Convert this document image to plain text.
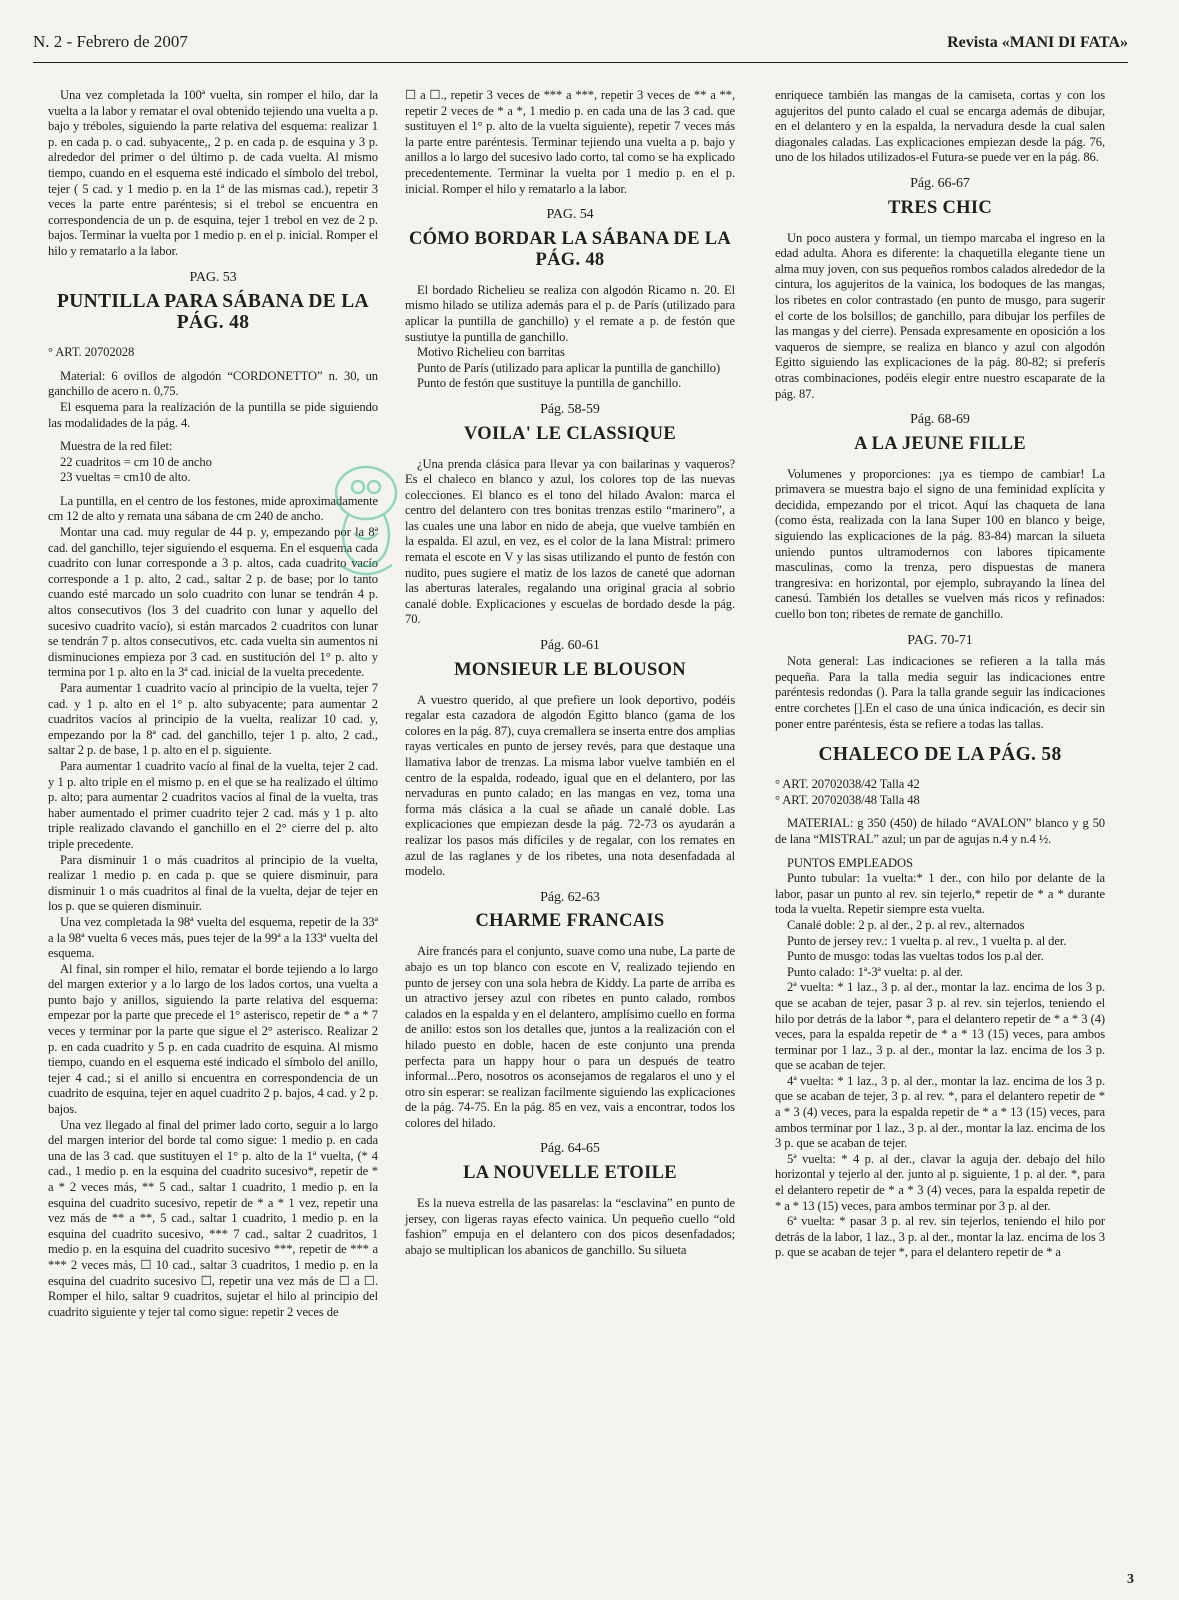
N. 2 - Febrero de 2007	Revista «MANI DI FATA»

Una vez completada la 100ª vuelta, sin romper el hilo, dar la vuelta a la labor y rematar el oval obtenido tejiendo una vuelta a p. bajo y tréboles, siguiendo la parte relativa del esquema: realizar 1 p. en cada p. o cad. subyacente,, 2 p. en cada p. de esquina y 3 p. alrededor del primer o del último p. de cada vuelta. Al mismo tiempo, cuando en el esquema esté indicado el símbolo del trebol, tejer ( 5 cad. y 1 medio p. en la 1ª de las mismas cad.), repetir 3 veces la parte entre paréntesis; si el trebol se encuentra en correspondencia de un p. de esquina, tejer 1 trebol en vez de 2 p. bajos. Terminar la vuelta por 1 medio p. en el p. inicial. Romper el hilo y rematarlo a la labor.

PAG. 53
PUNTILLA PARA SÁBANA DE LA PÁG. 48

° ART. 20702028

Material: 6 ovillos de algodón “CORDONETTO” n. 30, un ganchillo de acero n. 0,75.

El esquema para la realización de la puntilla se pide siguiendo las modalidades de la pág. 4.

Muestra de la red filet:

22 cuadritos = cm 10 de ancho

23 vueltas = cm10 de alto.

La puntilla, en el centro de los festones, mide aproximadamente cm 12 de alto y remata una sábana de cm 240 de ancho.

Montar una cad. muy regular de 44 p. y, empezando por la 8ª cad. del ganchillo, tejer siguiendo el esquema. En el esquema cada cuadrito con lunar corresponde a 3 p. altos, cada cuadrito vacío corresponde a 1 p. alto, 2 cad., saltar 2 p. de base; por lo tanto cuando esté marcado un solo cuadrito con lunar se tendrán 4 p. altos consecutivos (los 3 del cuadrito con lunar y aquello del sucesivo cuadrito vacío), si están marcados 2 cuadritos con lunar se tendrán 7 p. altos consecutivos, etc. cada vuelta sin aumentos ni disminuciones empieza por 3 cad. en sustitución del 1° p. alto y termina por 1 p. alto en la 3ª cad. inicial de la vuelta precedente.

Para aumentar 1 cuadrito vacío al principio de la vuelta, tejer 7 cad. y 1 p. alto en el 1° p. alto subyacente; para aumentar 2 cuadritos vacíos al principio de la vuelta, realizar 10 cad. y, empezando por la 8ª cad. del ganchillo, tejer 1 p. alto, 2 cad., saltar 2 p. de base, 1 p. alto en el p. siguiente.

Para aumentar 1 cuadrito vacío al final de la vuelta, tejer 2 cad. y 1 p. alto triple en el mismo p. en el que se ha realizado el último p. alto; para aumentar 2 cuadritos vacíos al final de la vuelta, tras haber aumentado el primer cuadrito tejer 2 cad. más y 1 p. alto triple realizado clavando el ganchillo en el 2° cierre del p. alto triple precedente.

Para disminuir 1 o más cuadritos al principio de la vuelta, realizar 1 medio p. en cada p. que se quiere disminuir, para disminuir 1 o más cuadritos al final de la vuelta, dejar de tejer en los p. que se quieren disminuir.

Una vez completada la 98ª vuelta del esquema, repetir de la 33ª a la 98ª vuelta 6 veces más, pues tejer de la 99ª a la 133ª vuelta del esquema.

Al final, sin romper el hilo, rematar el borde tejiendo a lo largo del margen exterior y a lo largo de los lados cortos, una vuelta a punto bajo y anillos, siguiendo la parte relativa del esquema: empezar por la parte que precede el 1° asterisco, repetir de * a * 7 veces y terminar por la parte que sigue el 2° asterisco. Realizar 2 p. en cada cuadrito y 5 p. en cada cuadrito de esquina. Al mismo tiempo, cuando en el esquema esté indicado el símbolo del anillo, tejer 4 cad.; si el anillo si encuentra en correspondencia de un cuadrito de esquina, tejer en aquel cuadrito 2 p. bajos, 4 cad. y 2 p. bajos.

Una vez llegado al final del primer lado corto, seguir a lo largo del margen interior del borde tal como sigue: 1 medio p. en cada una de las 3 cad. que sustituyen el 1° p. alto de la 1ª vuelta, (* 4 cad., 1 medio p. en la esquina del cuadrito sucesivo*, repetir de * a * 2 veces más, ** 5 cad., saltar 1 cuadrito, 1 medio p. en la esquina del cuadrito sucesivo, repetir de * a * 1 vez, repetir una vez más de ** a **, 5 cad., saltar 1 cuadrito, 1 medio p. en la esquina del cuadrito sucesivo, *** 7 cad., saltar 2 cuadritos, 1 medio p. en la esquina del cuadrito sucesivo ***, repetir de *** a *** 2 veces más, ☐ 10 cad., saltar 3 cuadritos, 1 medio p. en la esquina del cuadrito sucesivo ☐, repetir una vez más de ☐ a ☐. Romper el hilo, saltar 9 cuadritos, sujetar el hilo al principio del cuadrito siguiente y tejer tal como sigue: repetir 2 veces de

☐ a ☐., repetir 3 veces de *** a ***, repetir 3 veces de ** a **, repetir 2 veces de * a *, 1 medio p. en cada una de las 3 cad. que sustituyen el 1° p. alto de la vuelta siguiente), repetir 7 veces más la parte entre paréntesis. Terminar tejiendo una vuelta a p. bajo y anillos a lo largo del sucesivo lado corto, tal como se ha explicado precedentemente. Terminar la vuelta por 1 medio p. en el p. inicial. Romper el hilo y rematarlo a la labor.

PAG. 54
CÓMO BORDAR LA SÁBANA DE LA PÁG. 48

El bordado Richelieu se realiza con algodón Ricamo n. 20. El mismo hilado se utiliza además para el p. de París (utilizado para aplicar la puntilla de ganchillo) y el remate a p. de festón que sustiutye la puntilla de ganchillo.

Motivo Richelieu con barritas

Punto de París (utilizado para aplicar la puntilla de ganchillo)

Punto de festón que sustituye la puntilla de ganchillo.

Pág. 58-59
VOILA' LE CLASSIQUE

¿Una prenda clásica para llevar ya con bailarinas y vaqueros? Es el chaleco en blanco y azul, los colores top de las nuevas colecciones. El blanco es el tono del hilado Avalon: marca el centro del delantero con tres bonitas trenzas estilo “marinero”, a las cuales une una labor en nido de abeja, que vuelve también en la espalda. El azul, en vez, es el color de la lana Mistral: primero remata el escote en V y las sisas utilizando el punto de festón con nudito, pues sugiere el matiz de los lazos de caneté que adornan las aberturas laterales, regalando una original gracia al sobrio canalé doble. Explicaciones y escuelas de bordado desde la pág. 70.

Pág. 60-61
MONSIEUR LE BLOUSON

A vuestro querido, al que prefiere un look deportivo, podéis regalar esta cazadora de algodón Egitto blanco (gama de los colores en la pág. 87), cuya cremallera se inserta entre dos amplias rayas verticales en punto de jersey revés, para que destaque una llamativa labor de trenzas. La misma labor vuelve también en el centro de la espalda, rodeado, igual que en el delantero, por las nervaduras en punto calado; en las mangas en vez, toma una forma más clásica a la cual se añade un canalé doble. Las explicaciones que empiezan desde la pág. 72-73 os ayudarán a realizar los pasos más difíciles y de regalar, con los remates en azul de las raglanes y de los ribetes, una nota desenfadada al modelo.

Pág. 62-63
CHARME FRANCAIS

Aire francés para el conjunto, suave como una nube, La parte de abajo es un top blanco con escote en V, realizado tejiendo en punto de jersey con una sola hebra de Kiddy. La parte de arriba es un atractivo jersey azul con ribetes en punto calado, rombos calados en la espalda y en el delantero, amplísimo cuello en forma de anillo: estos son los detalles que, juntos a la realización con el hilado puesto en doble, hacen de este conjunto una prenda perfecta para un happy hour o para un después de teatro informal...Pero, nosotros os aconsejamos de regalaros el uno y el otro sin esperar: se realizan facilmente siguiendo las explicaciones de la pág. 74-75. En la pág. 85 en vez, vais a encontrar, todos los colores del hilado.

Pág. 64-65
LA NOUVELLE ETOILE

Es la nueva estrella de las pasarelas: la “esclavina” en punto de jersey, con ligeras rayas efecto vainica. Un pequeño cuello “old fashion” empuja en el delantero con dos picos desenfadados; abajo se multiplican los abanicos de ganchillo. Su silueta

enriquece también las mangas de la camiseta, cortas y con los agujeritos del punto calado el cual se encarga además de dibujar, en el delantero y en la espalda, la nervadura desde la cual salen diagonales caladas. Las explicaciones empiezan desde la pág. 76, uno de los hilados utilizados-el Futura-se puede ver en la pág. 86.

Pág. 66-67
TRES CHIC

Un poco austera y formal, un tiempo marcaba el ingreso en la edad adulta. Ahora es diferente: la chaquetilla elegante tiene un alma muy joven, con sus pequeños rombos calados alrededor de la cintura, los agujeritos de la vainica, los bodoques de las mangas, los ribetes en color contrastado (en punto de musgo, para sugerir el corte de los bolsillos; de ganchillo, para dibujar los perfiles de las mangas y del cierre). Pensada expresamente en oposición a los vaqueros de siempre, se realiza en blanco y azul con algodón Egitto siguiendo las explicaciones de la pág. 80-82; si preferís otras combinaciones, podéis elegir entre nuestro escaparate de la pág. 87.

Pág. 68-69
A LA JEUNE FILLE

Volumenes y proporciones: ¡ya es tiempo de cambiar! La primavera se muestra bajo el signo de una feminidad explícita y decidida, empezando por el tricot. Aquí las chaqueta de lana (como ésta, realizada con la lana Super 100 en blanco y beige, siguiendo las explicaciones de la pág. 83-84) marcan la silueta uniendo puntos ultramodernos con labores tipicamente masculinas, como la trenza, pero dispuestas de manera trangresiva: en horizontal, por ejemplo, subrayando la línea del canesú. También los detalles se vuelven más ricos y refinados: cuello bon ton; ribetes de remate de ganchillo.

PAG. 70-71

Nota general: Las indicaciones se refieren a la talla más pequeña. Para la talla media seguir las indicaciones entre paréntesis redondas (). Para la talla grande seguir las indicaciones entre corchetes [].En el caso de una única indicación, es decir sin poner entre paréntesis, ésta se refiere a todas las tallas.

CHALECO DE LA PÁG. 58

° ART. 20702038/42 Talla 42

° ART. 20702038/48 Talla 48

MATERIAL: g 350 (450) de hilado “AVALON” blanco y g 50 de lana “MISTRAL” azul; un par de agujas n.4 y n.4 ½.

PUNTOS EMPLEADOS

Punto tubular: 1a vuelta:* 1 der., con hilo por delante de la labor, pasar un punto al rev. sin tejerlo,* repetir de * a * durante toda la vuelta. Repetir siempre esta vuelta.

Canalé doble: 2 p. al der., 2 p. al rev., alternados

Punto de jersey rev.: 1 vuelta p. al rev., 1 vuelta p. al der.

Punto de musgo: todas las vueltas todos los p.al der.

Punto calado: 1ª-3ª vuelta: p. al der.

2ª vuelta: * 1 laz., 3 p. al der., montar la laz. encima de los 3 p. que se acaban de tejer, pasar 3 p. al rev. sin tejerlos, teniendo el hilo por detrás de la labor *, para el delantero repetir de * a * 3 (4) veces, para la espalda repetir de * a * 13 (15) veces, para ambos terminar por 1 laz., 3 p. al der., montar la laz. encima de los 3 p. que se acaban de tejer.

4ª vuelta: * 1 laz., 3 p. al der., montar la laz. encima de los 3 p. que se acaban de tejer, 3 p. al rev. *, para el delantero repetir de * a * 3 (4) veces, para la espalda repetir de * a * 13 (15) veces, para ambos terminar por 1 laz., 3 p. al der., montar la laz. encima de los 3 p. que se acaban de tejer.

5ª vuelta: * 4 p. al der., clavar la aguja der. debajo del hilo horizontal y tejerlo al der. junto al p. siguiente, 1 p. al der. *, para el delantero repetir de * a * 3 (4) veces, para la espalda repetir de * a * 13 (15) veces, para ambos terminar por 3 p. al der.

6ª vuelta: * pasar 3 p. al rev. sin tejerlos, teniendo el hilo por detrás de la labor, 1 laz., 3 p. al der., montar la laz. encima de los 3 p. que se acaban de tejer *, para el delantero repetir de * a

3
